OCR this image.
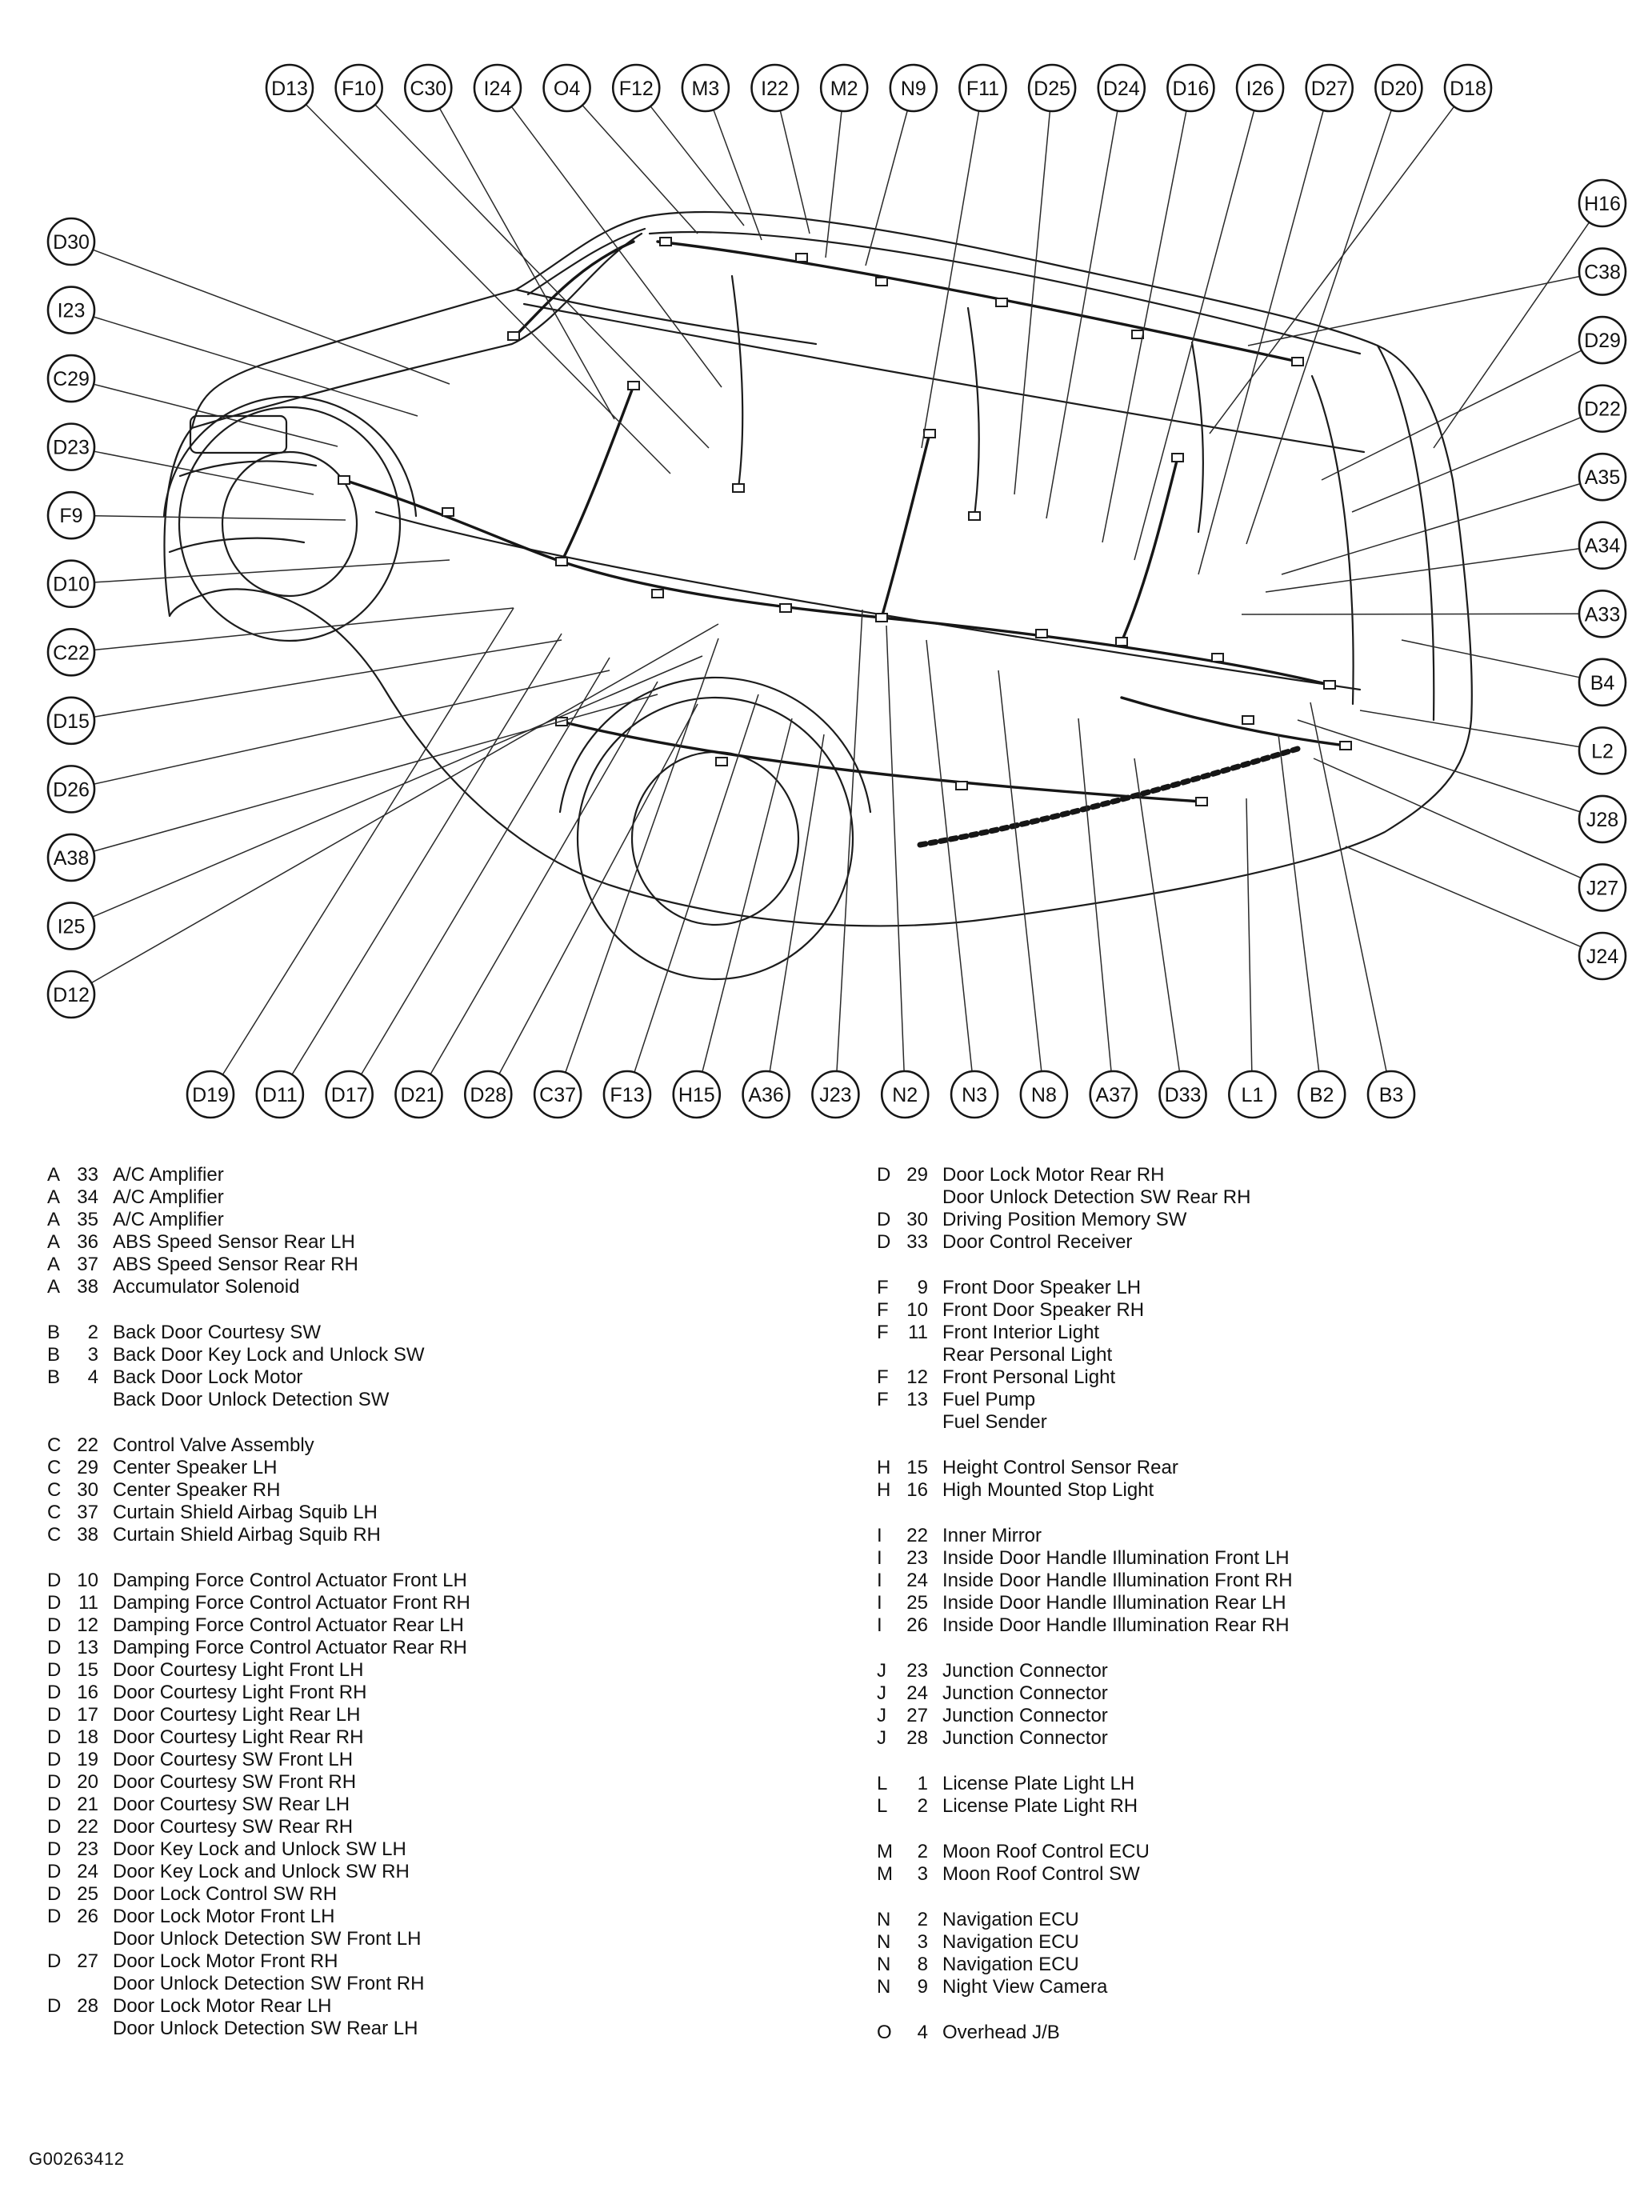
D13 F10 C30 I24 O4 F12 M3 I22 M2 N9 F11 D25 D24 D16 I26 D27 D20 D18
D19 D11 D17 D21 D28 C37 F13 H15 A36 J23 N2 N3 N8 A37 D33 L1 B2 B3
D30
I23
C29
D23
F9
D10
C22
D15
D26
A38
I25
D12
H16
C38
D29
D22
A35
A34
A33
B4
L2
J28
J27
J24
A 33 A/C Amplifier
A 34 A/C Amplifier
A 35 A/C Amplifier
A 36 ABS Speed Sensor Rear LH
A 37 ABS Speed Sensor Rear RH
A 38 Accumulator Solenoid
B	2 Back Door Courtesy SW
B	3 Back Door Key Lock and Unlock SW
B	4 Back Door Lock Motor
Back Door Unlock Detection SW
C 22 Control Valve Assembly
C 29 Center Speaker LH
C 30 Center Speaker RH
C 37 Curtain Shield Airbag Squib LH
C 38 Curtain Shield Airbag Squib RH
D 10 Damping Force Control Actuator Front LH
D 11 Damping Force Control Actuator Front RH
D 12 Damping Force Control Actuator Rear LH
D 13 Damping Force Control Actuator Rear RH
D 15 Door Courtesy Light Front LH
D 16 Door Courtesy Light Front RH
D 17 Door Courtesy Light Rear LH
D 18 Door Courtesy Light Rear RH
D 19 Door Courtesy SW Front LH
D 20 Door Courtesy SW Front RH
D 21 Door Courtesy SW Rear LH
D 22 Door Courtesy SW Rear RH
D 23 Door Key Lock and Unlock SW LH
D 24 Door Key Lock and Unlock SW RH
D 25 Door Lock Control SW RH
D 26 Door Lock Motor Front LH
Door Unlock Detection SW Front LH
D 27 Door Lock Motor Front RH
Door Unlock Detection SW Front RH
D 28 Door Lock Motor Rear LH
Door Unlock Detection SW Rear LH
D 29 Door Lock Motor Rear RH
Door Unlock Detection SW Rear RH
D 30 Driving Position Memory SW
D 33 Door Control Receiver
F	9 Front Door Speaker LH
F 10 Front Door Speaker RH
F	11 Front Interior Light
Rear Personal Light
F 12 Front Personal Light
F 13 Fuel Pump
Fuel Sender
H 15 Height Control Sensor Rear
H 16 High Mounted Stop Light
I	22 Inner Mirror
I	23 Inside Door Handle Illumination Front LH
I	24 Inside Door Handle Illumination Front RH
I	25 Inside Door Handle Illumination Rear LH
I	26 Inside Door Handle Illumination Rear RH
J	23 Junction Connector
J	24 Junction Connector
J	27 Junction Connector
J	28 Junction Connector
L	1 License Plate Light LH
L	2 License Plate Light RH
M	2 Moon Roof Control ECU
M	3 Moon Roof Control SW
N	2 Navigation ECU
N	3 Navigation ECU
N	8 Navigation ECU
N	9 Night View Camera
O	4 Overhead J/B
G00263412
